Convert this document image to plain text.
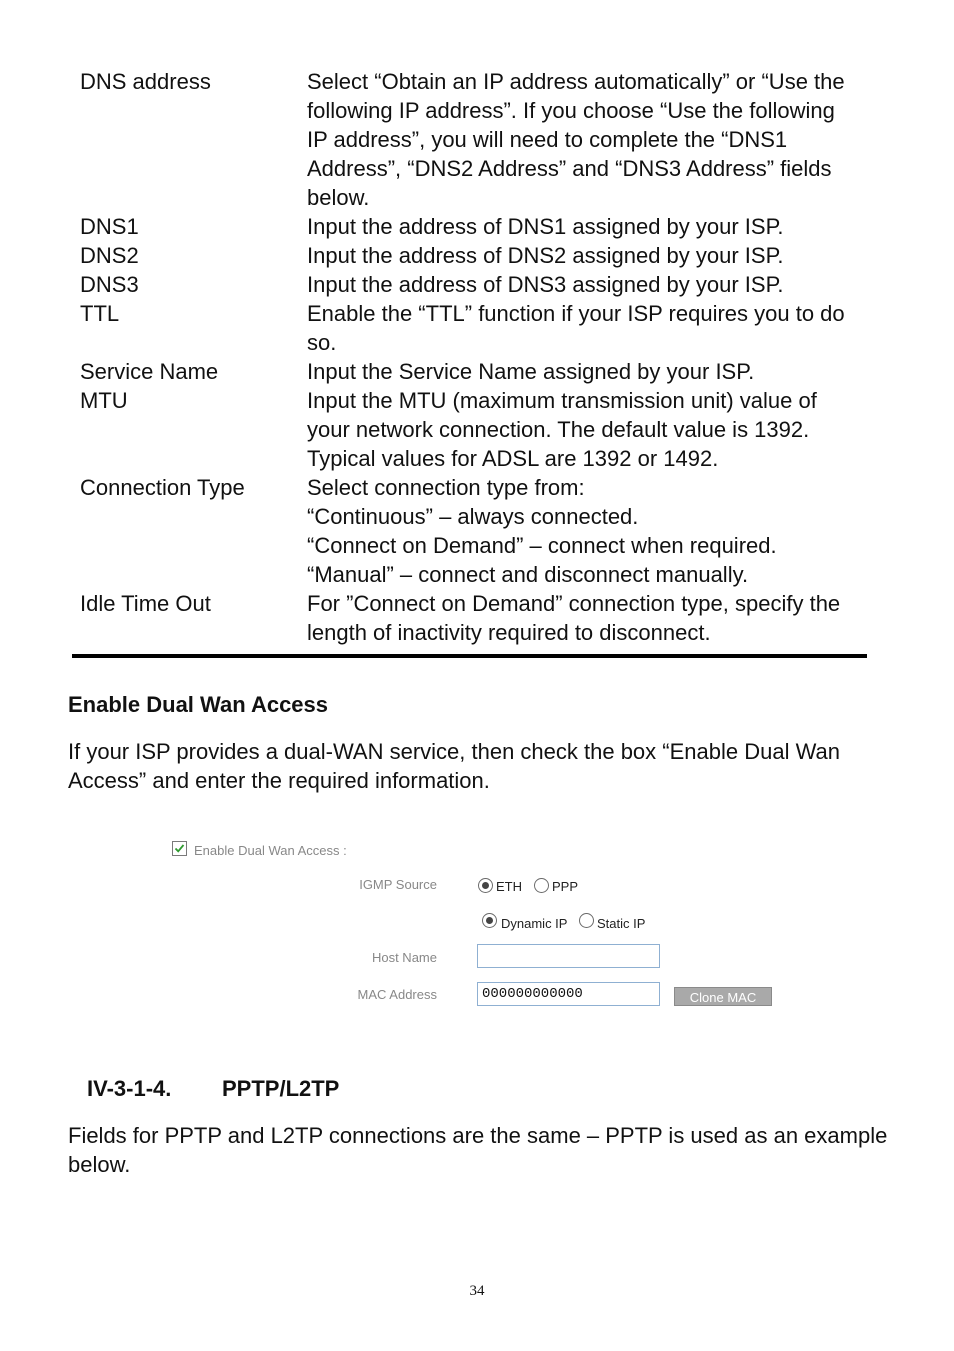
DNS address	Select “Obtain an IP address automatically” or “Use the
following IP address”. If you choose “Use the following
IP address”, you will need to complete the “DNS1
Address”, “DNS2 Address” and “DNS3 Address” fields
below.
DNS1	Input the address of DNS1 assigned by your ISP.
DNS2	Input the address of DNS2 assigned by your ISP.
DNS3	Input the address of DNS3 assigned by your ISP.
TTL	Enable the “TTL” function if your ISP requires you to do
so.
Service Name	Input the Service Name assigned by your ISP.
MTU	Input the MTU (maximum transmission unit) value of
your network connection. The default value is 1392.
Typical values for ADSL are 1392 or 1492.
Connection Type	Select connection type from:
“Continuous” – always connected.
“Connect on Demand” – connect when required.
“Manual” – connect and disconnect manually.
Idle Time Out	For ”Connect on Demand” connection type, specify the
length of inactivity required to disconnect.
Enable Dual Wan Access
If your ISP provides a dual-WAN service, then check the box “Enable Dual Wan Access” and enter the required information.
Enable Dual Wan Access :
IGMP Source	ETH PPP
Dynamic IP Static IP
Host Name
MAC Address	000000000000	Clone MAC
IV-3-1-4. PPTP/L2TP
Fields for PPTP and L2TP connections are the same – PPTP is used as an example below.
34
